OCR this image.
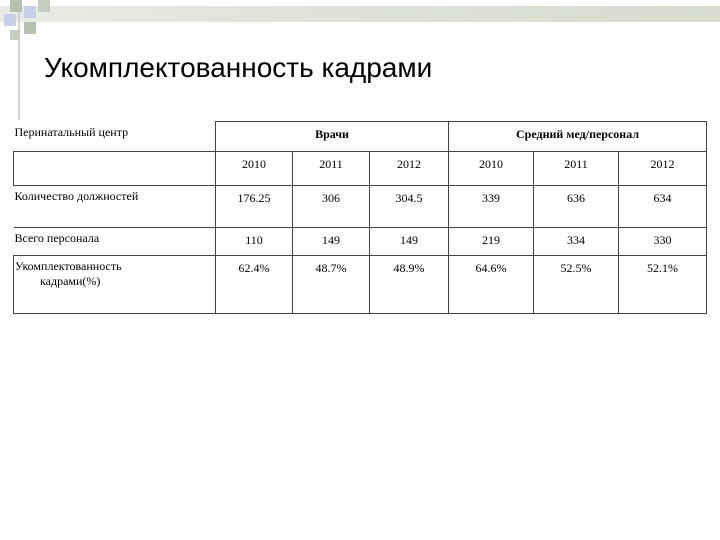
Укомплектованность кадрами
Перинатальный центр	Врачи			Средний мед/персонал		
	2010	2011	2012	2010	2011	2012
Количество должностей	176.25	306	304.5	339	636	634
Всего персонала	110	149	149	219	334	330
Укомплектованность
кадрами(%)	62.4%	48.7%	48.9%	64.6%	52.5%	52.1%
